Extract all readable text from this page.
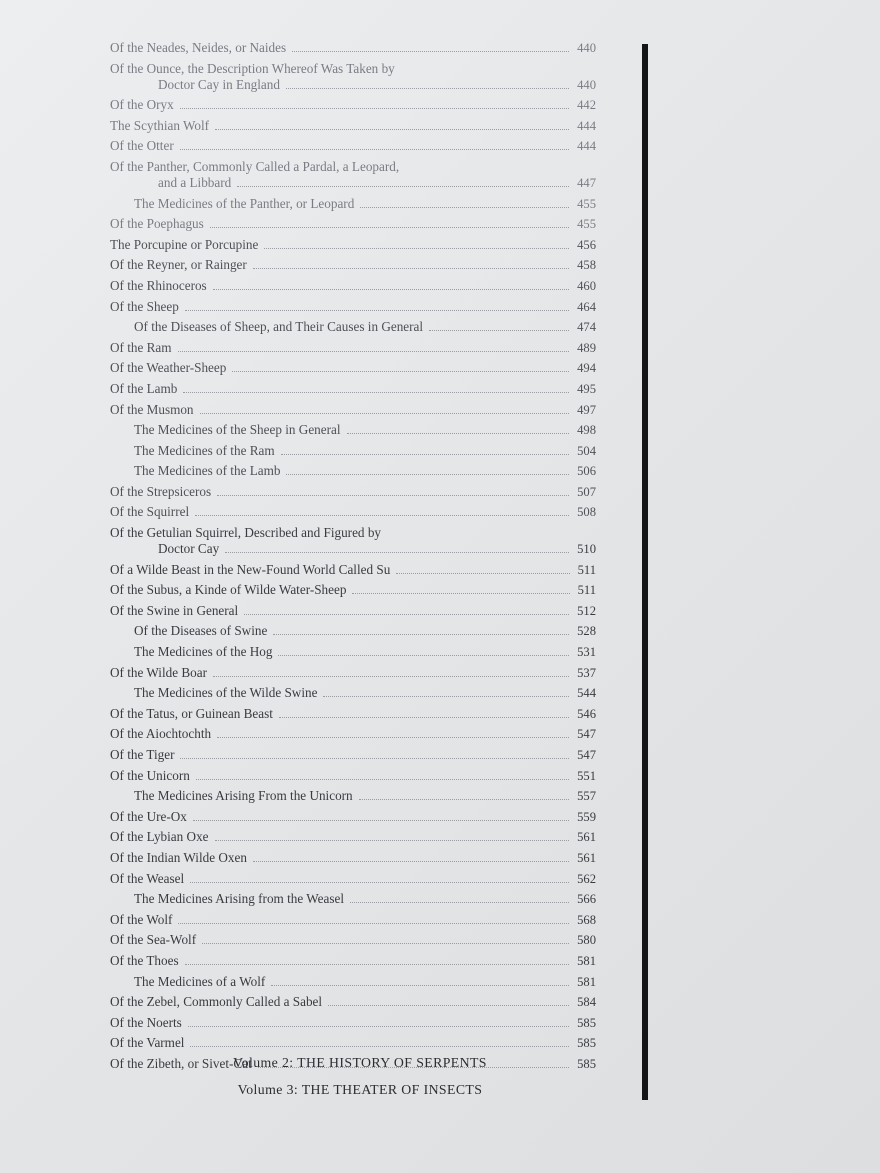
Of the Neades, Neides, or Naides	440
Of the Ounce, the Description Whereof Was Taken by
Doctor Cay in England	440
Of the Oryx	442
The Scythian Wolf	444
Of the Otter	444
Of the Panther, Commonly Called a Pardal, a Leopard,
and a Libbard	447
The Medicines of the Panther, or Leopard	455
Of the Poephagus	455
The Porcupine or Porcupine	456
Of the Reyner, or Rainger	458
Of the Rhinoceros	460
Of the Sheep	464
Of the Diseases of Sheep, and Their Causes in General	474
Of the Ram	489
Of the Weather-Sheep	494
Of the Lamb	495
Of the Musmon	497
The Medicines of the Sheep in General	498
The Medicines of the Ram	504
The Medicines of the Lamb	506
Of the Strepsiceros	507
Of the Squirrel	508
Of the Getulian Squirrel, Described and Figured by
Doctor Cay	510
Of a Wilde Beast in the New-Found World Called Su	511
Of the Subus, a Kinde of Wilde Water-Sheep	511
Of the Swine in General	512
Of the Diseases of Swine	528
The Medicines of the Hog	531
Of the Wilde Boar	537
The Medicines of the Wilde Swine	544
Of the Tatus, or Guinean Beast	546
Of the Aiochtochth	547
Of the Tiger	547
Of the Unicorn	551
The Medicines Arising From the Unicorn	557
Of the Ure-Ox	559
Of the Lybian Oxe	561
Of the Indian Wilde Oxen	561
Of the Weasel	562
The Medicines Arising from the Weasel	566
Of the Wolf	568
Of the Sea-Wolf	580
Of the Thoes	581
The Medicines of a Wolf	581
Of the Zebel, Commonly Called a Sabel	584
Of the Noerts	585
Of the Varmel	585
Of the Zibeth, or Sivet-Cat	585
Volume 2: THE HISTORY OF SERPENTS
Volume 3: THE THEATER OF INSECTS
